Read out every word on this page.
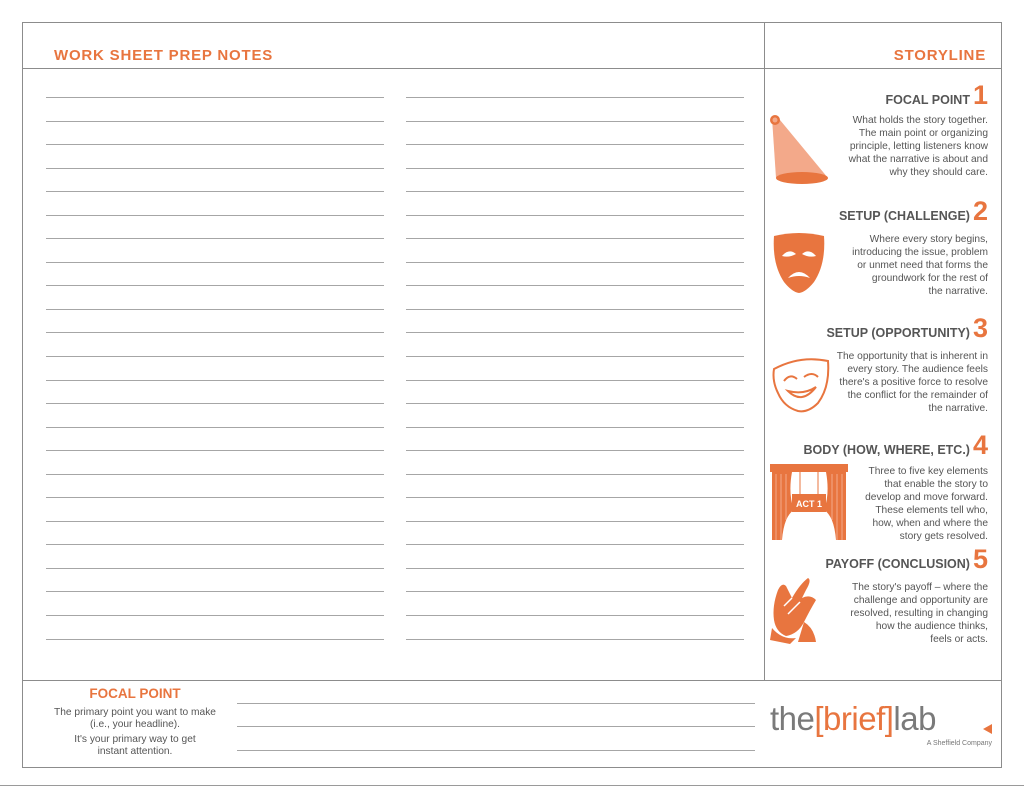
WORK SHEET PREP NOTES	STORYLINE
FOCAL POINT 1
What holds the story together.
The main point or organizing
principle, letting listeners know
what the narrative is about and
why they should care.
SETUP (CHALLENGE) 2
Where every story begins,
introducing the issue, problem
or unmet need that forms the
groundwork for the rest of
the narrative.
SETUP (OPPORTUNITY) 3
The opportunity that is inherent in
every story. The audience feels
there's a positive force to resolve
the conflict for the remainder of
the narrative.
BODY (HOW, WHERE, ETC.) 4
ACT 1
Three to five key elements
that enable the story to
develop and move forward.
These elements tell who,
how, when and where the
story gets resolved.
PAYOFF (CONCLUSION) 5
The story's payoff – where the
challenge and opportunity are
resolved, resulting in changing
how the audience thinks,
feels or acts.
FOCAL POINT
The primary point you want to make
(i.e., your headline).
It's your primary way to get
instant attention.
the[brief]lab
A Sheffield Company
